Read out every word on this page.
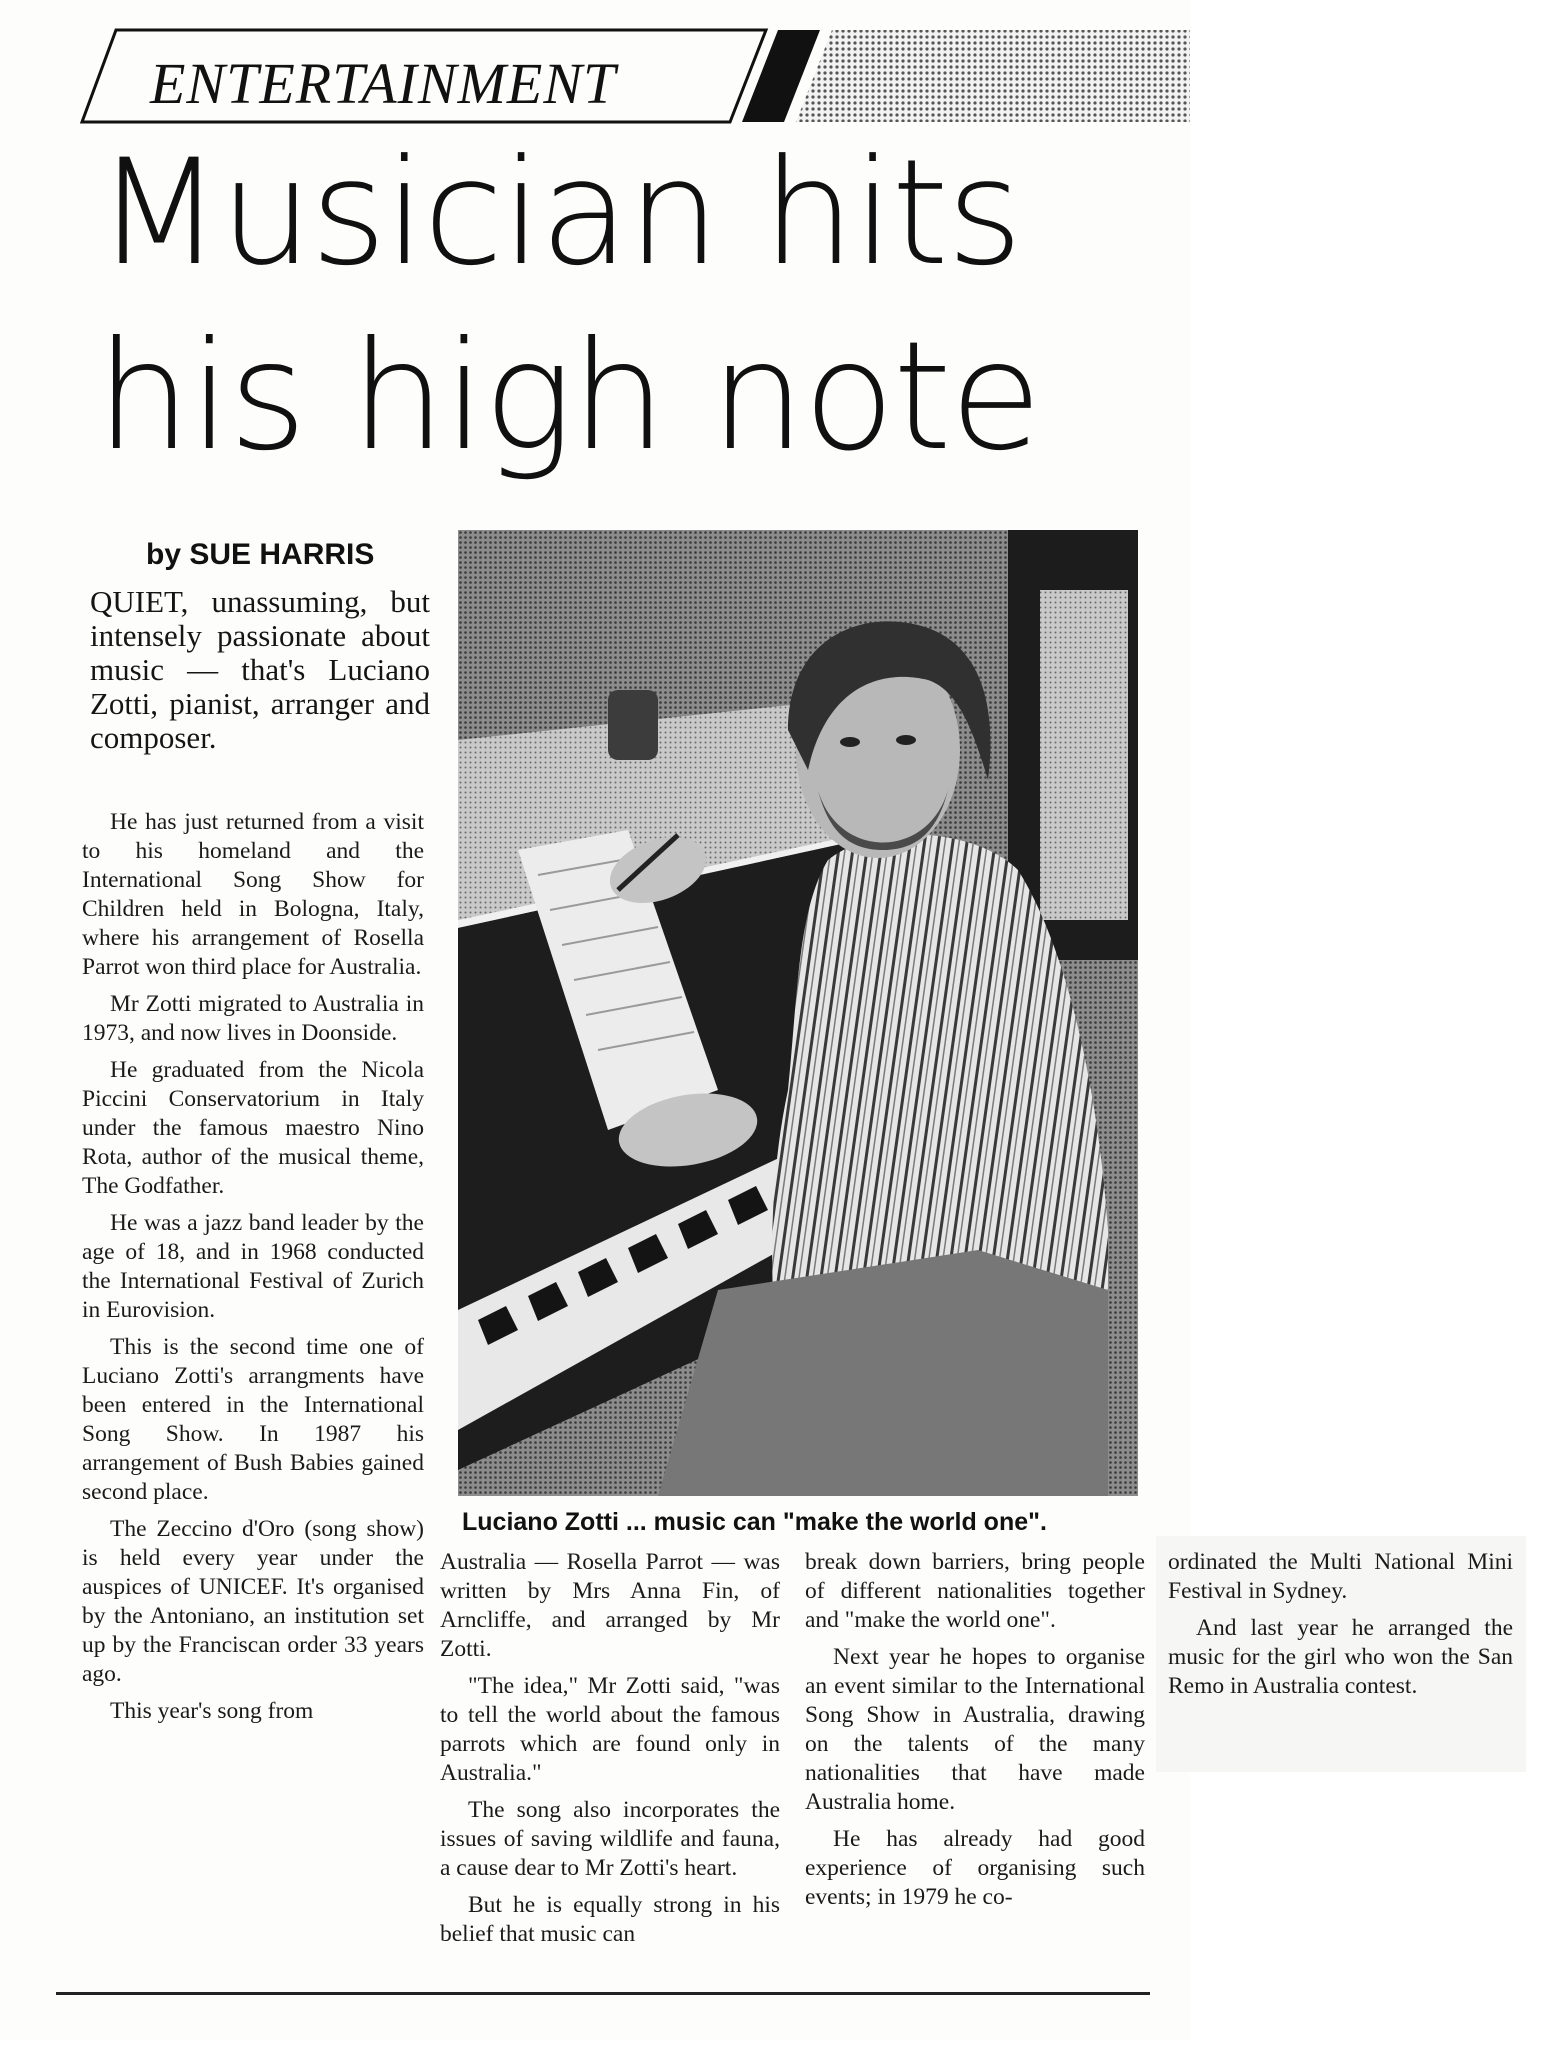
ENTERTAINMENT
Musician hits
his high note
by SUE HARRIS
QUIET, unassuming, but intensely passionate about music — that's Luciano Zotti, pianist, arranger and composer.
Luciano Zotti ... music can "make the world one".

He has just returned from a visit to his homeland and the International Song Show for Children held in Bologna, Italy, where his arrangement of Rosella Parrot won third place for Australia.

Mr Zotti migrated to Australia in 1973, and now lives in Doonside.

He graduated from the Nicola Piccini Conservatorium in Italy under the famous maestro Nino Rota, author of the musical theme, The Godfather.

He was a jazz band leader by the age of 18, and in 1968 conducted the International Festival of Zurich in Eurovision.

This is the second time one of Luciano Zotti's arrangments have been entered in the International Song Show. In 1987 his arrangement of Bush Babies gained second place.

The Zeccino d'Oro (song show) is held every year under the auspices of UNICEF. It's organised by the Antoniano, an institution set up by the Franciscan order 33 years ago.

This year's song from

Australia — Rosella Parrot — was written by Mrs Anna Fin, of Arncliffe, and arranged by Mr Zotti.

"The idea," Mr Zotti said, "was to tell the world about the famous parrots which are found only in Australia."

The song also incorporates the issues of saving wildlife and fauna, a cause dear to Mr Zotti's heart.

But he is equally strong in his belief that music can

break down barriers, bring people of different nationalities together and "make the world one".

Next year he hopes to organise an event similar to the International Song Show in Australia, drawing on the talents of the many nationalities that have made Australia home.

He has already had good experience of organising such events; in 1979 he co-

ordinated the Multi National Mini Festival in Sydney.

And last year he arranged the music for the girl who won the San Remo in Australia contest.
